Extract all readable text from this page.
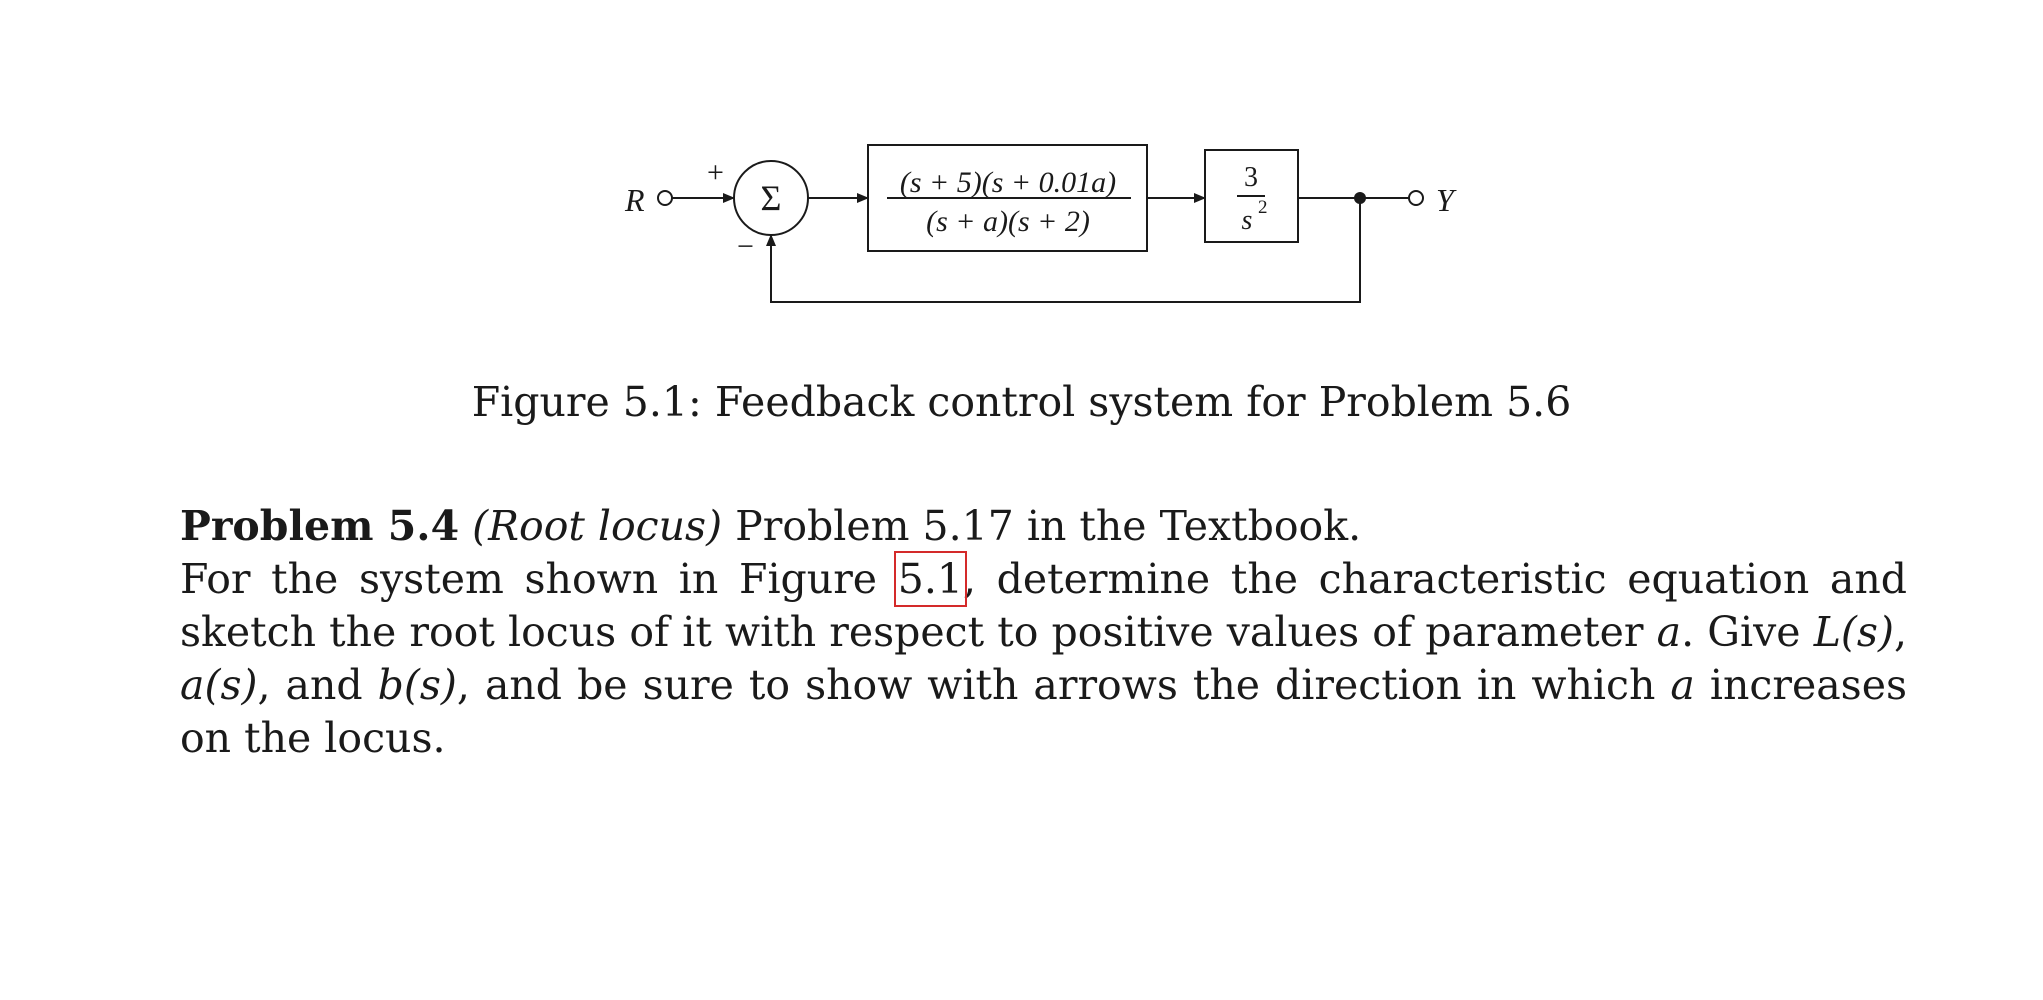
R
+
Σ
−
(s + 5)(s + 0.01a)
(s + a)(s + 2)
3
s 2	Y
Figure 5.1: Feedback control system for Problem 5.6

Problem 5.4 (Root locus) Problem 5.17 in the Textbook.

For the system shown in Figure 5.1, determine the characteristic equation and sketch the root locus of it with respect to positive values of parameter a. Give L(s), a(s), and b(s), and be sure to show with arrows the direction in which a increases on the locus.
